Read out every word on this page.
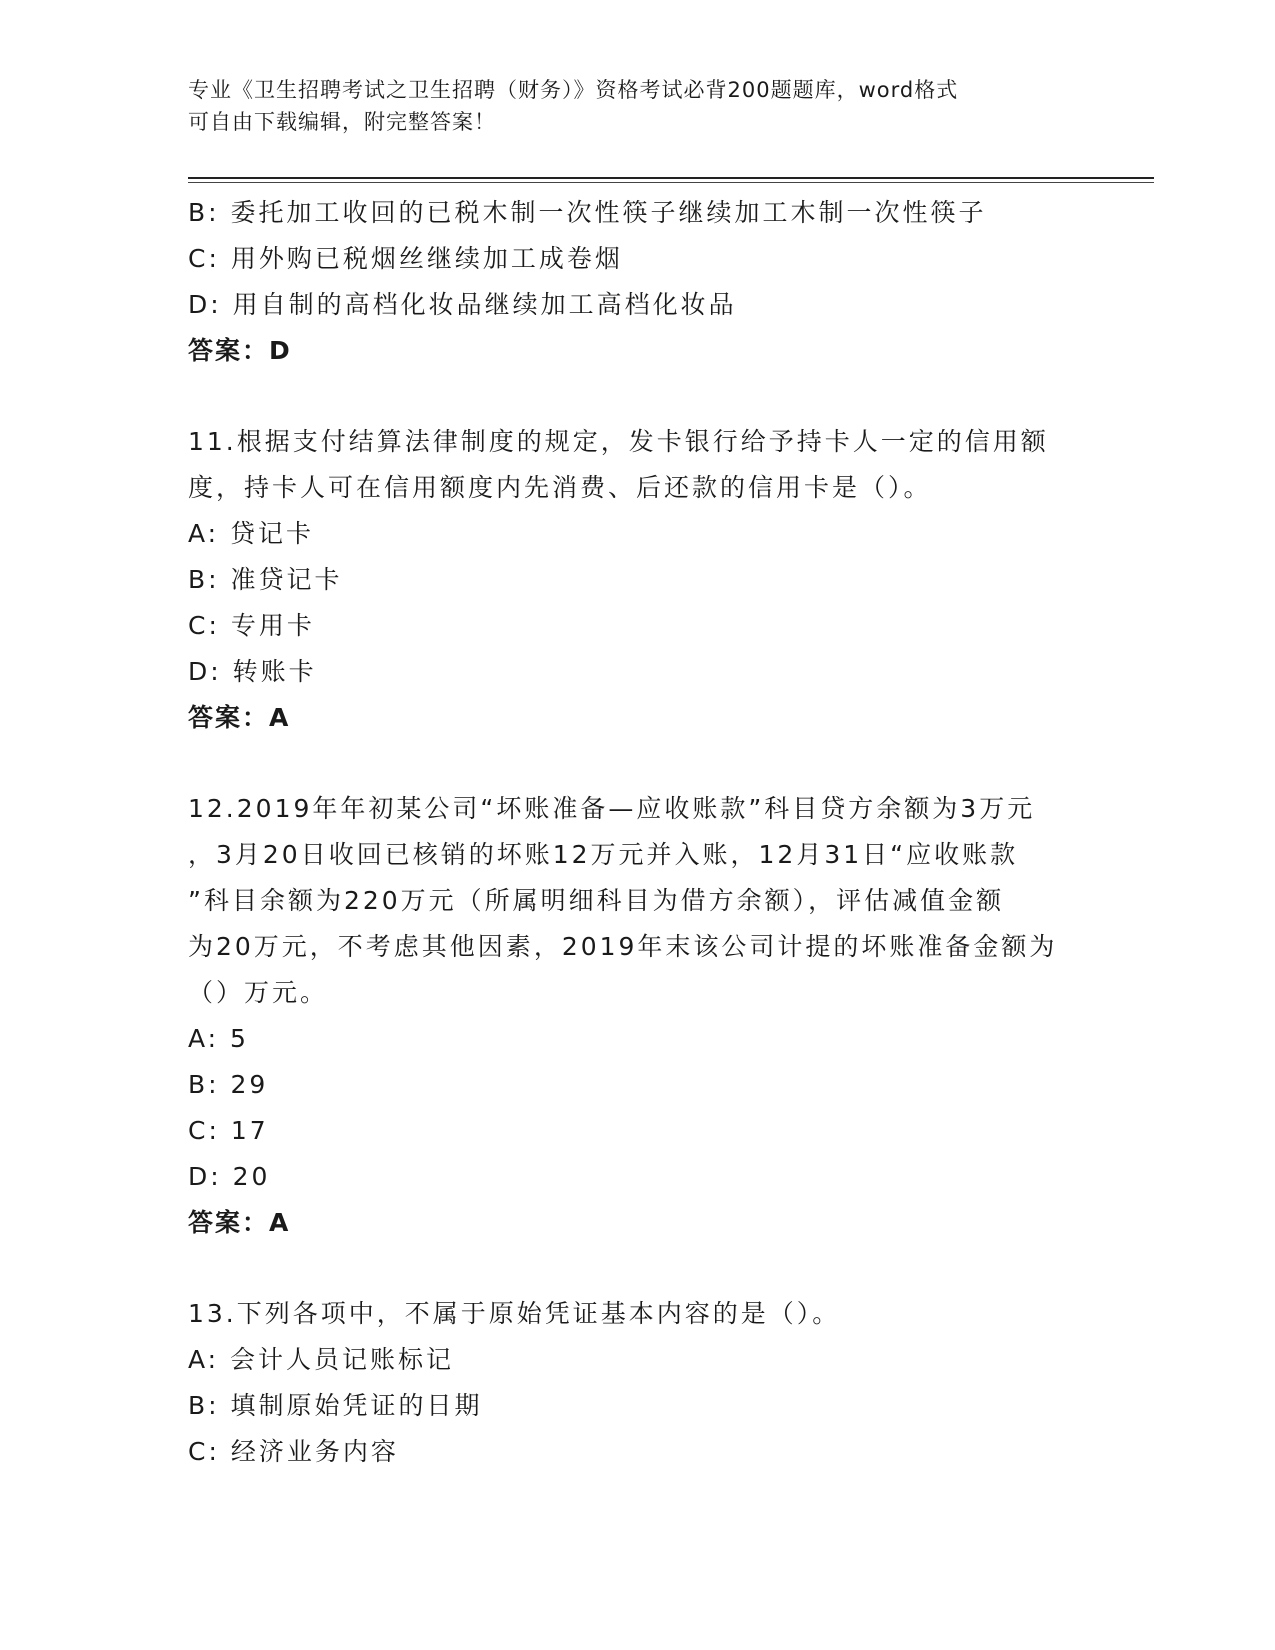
专业《卫生招聘考试之卫生招聘（财务）》资格考试必背200题题库，word格式
可自由下载编辑，附完整答案！
B: 委托加工收回的已税木制一次性筷子继续加工木制一次性筷子
C: 用外购已税烟丝继续加工成卷烟
D: 用自制的高档化妆品继续加工高档化妆品
答案：D
11.根据支付结算法律制度的规定，发卡银行给予持卡人一定的信用额
度，持卡人可在信用额度内先消费、后还款的信用卡是（）。
A: 贷记卡
B: 准贷记卡
C: 专用卡
D: 转账卡
答案：A
12.2019年年初某公司“坏账准备—应收账款”科目贷方余额为3万元
，3月20日收回已核销的坏账12万元并入账，12月31日“应收账款
”科目余额为220万元（所属明细科目为借方余额），评估减值金额
为20万元，不考虑其他因素，2019年末该公司计提的坏账准备金额为
（）万元。
A: 5
B: 29
C: 17
D: 20
答案：A
13.下列各项中，不属于原始凭证基本内容的是（）。
A: 会计人员记账标记
B: 填制原始凭证的日期
C: 经济业务内容
